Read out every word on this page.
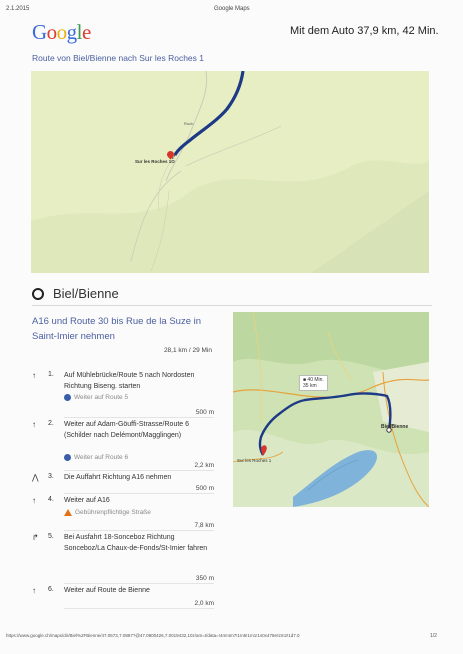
2.1.2015	Google Maps
Google	Mit dem Auto 37,9 km, 42 Min.
Route von Biel/Bienne nach Sur les Roches 1
Roch
Sur les Roches 1O
Biel/Bienne
A16 und Route 30 bis Rue de la Suze in Saint-Imier nehmen
28,1 km / 29 Min
■ 40 Min.
35 km
Biel/Bienne
Sur les Roches 1
↑	1. Auf Mühlebrücke/Route 5 nach Nordosten Richtung Biseng. starten
Weiter auf Route 5
500 m
↑	2. Weiter auf Adam-Göuffi-Strasse/Route 6 (Schilder nach Delémont/Magglingen)
Weiter auf Route 6
2,2 km
⋀	3. Die Auffahrt Richtung A16 nehmen
500 m
↑	4. Weiter auf A16
Gebührenpflichtige Straße
7,8 km
↱	5. Bei Ausfahrt 18-Sonceboz Richtung Sonceboz/La Chaux-de-Fonds/St-Imier fahren
350 m
↑	6. Weiter auf Route de Bienne
2,0 km
https://www.google.ch/maps/dir/Biel%2FBienne/47.0573,7.0887?@47.0900426,7.0019432,10z/am=t/data=!4m!4m7!1m5!1m1!1s0x478e!2m2!1d7.0	1/2
